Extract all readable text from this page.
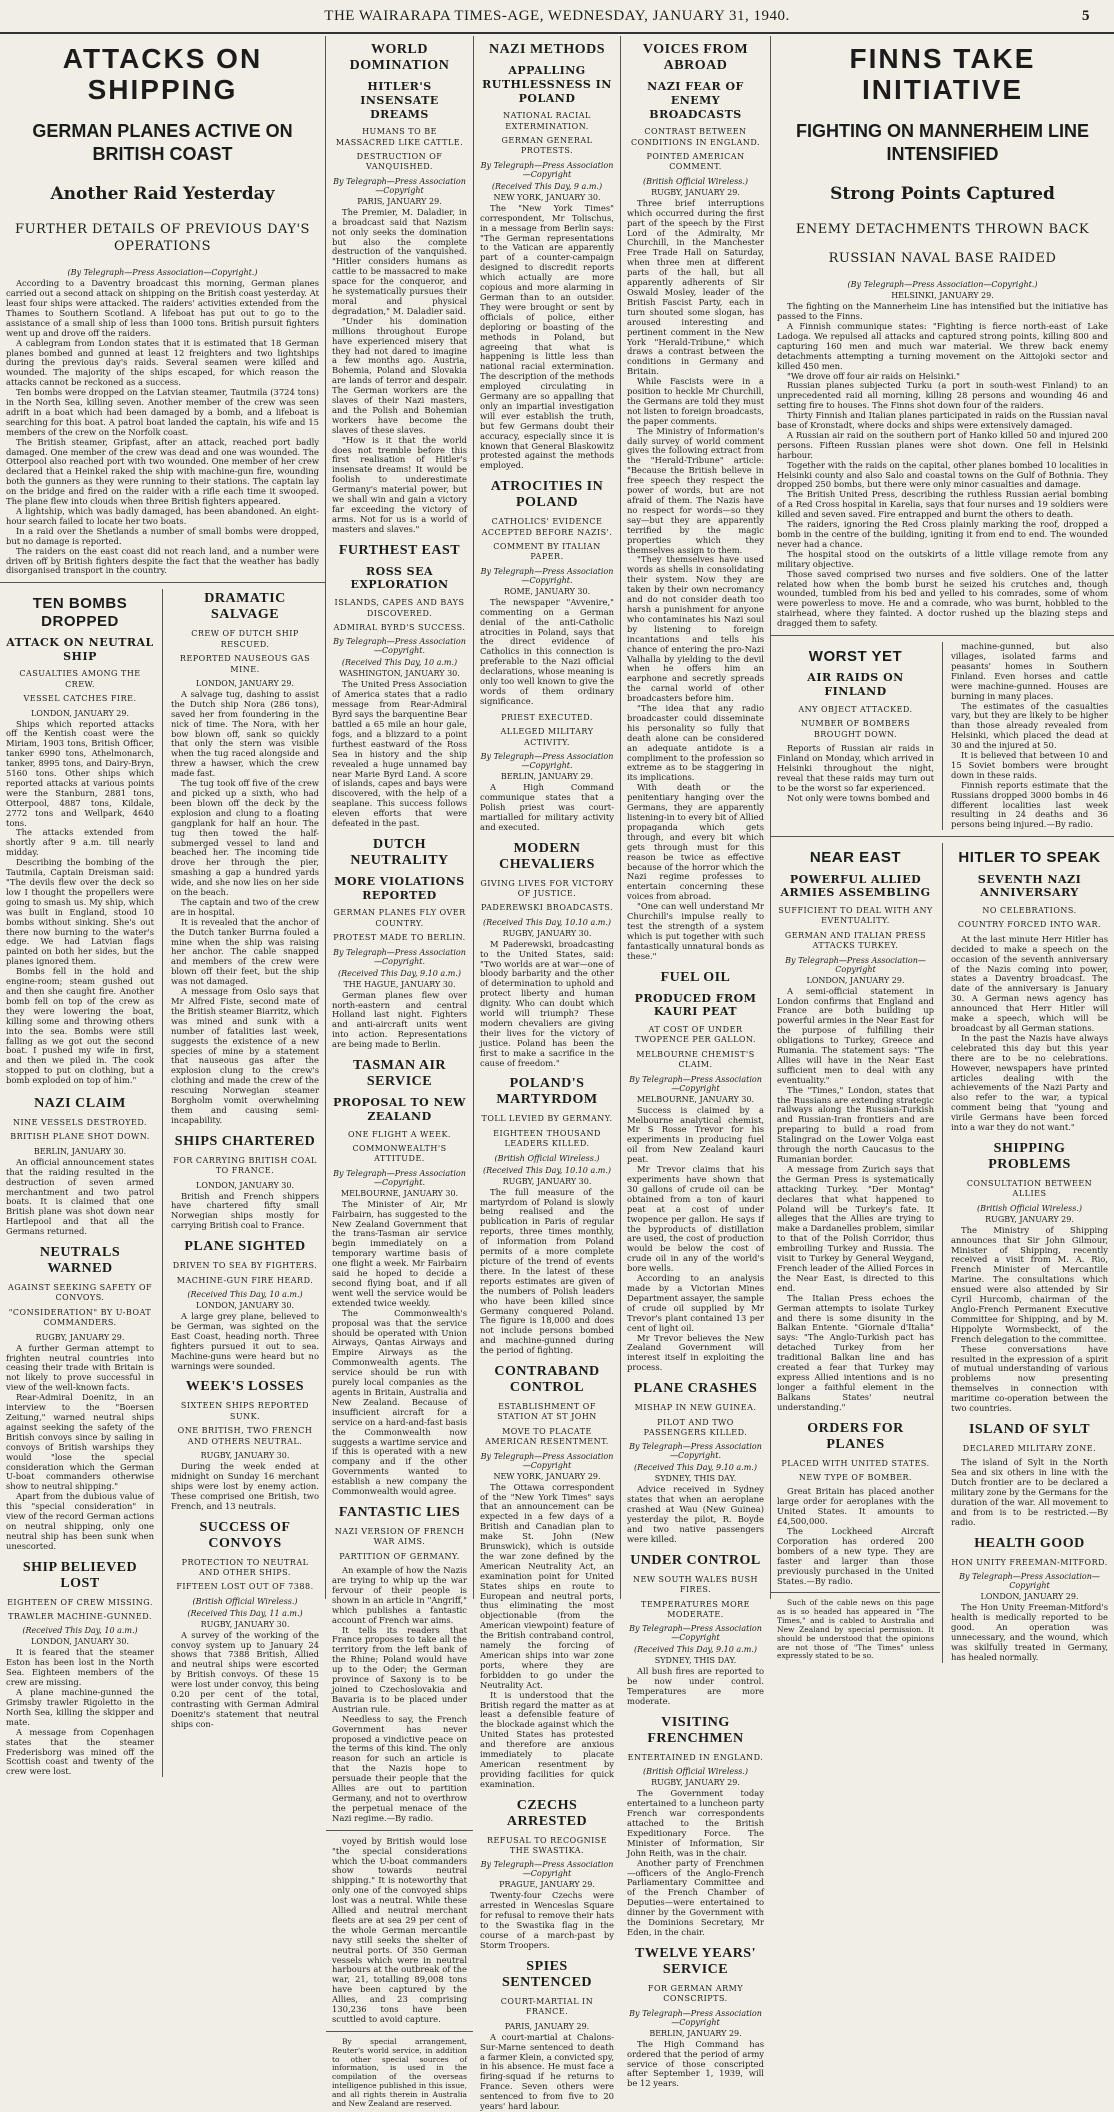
THE WAIRARAPA TIMES-AGE, WEDNESDAY, JANUARY 31, 1940.	5
ATTACKS ON SHIPPING
GERMAN PLANES ACTIVE ON BRITISH COAST
Another Raid Yesterday
FURTHER DETAILS OF PREVIOUS DAY'S OPERATIONS
(By Telegraph—Press Association—Copyright.)

According to a Daventry broadcast this morning, German planes carried out a second attack on shipping on the British coast yesterday. At least four ships were attacked. The raiders' activities extended from the Thames to Southern Scotland. A lifeboat has put out to go to the assistance of a small ship of less than 1000 tons. British pursuit fighters went up and drove off the raiders.

A cablegram from London states that it is estimated that 18 German planes bombed and gunned at least 12 freighters and two lightships during the previous day's raids. Several seamen were killed and wounded. The majority of the ships escaped, for which reason the attacks cannot be reckoned as a success.

Ten bombs were dropped on the Latvian steamer, Tautmila (3724 tons) in the North Sea, killing seven. Another member of the crew was seen adrift in a boat which had been damaged by a bomb, and a lifeboat is searching for this boat. A patrol boat landed the captain, his wife and 15 members of the crew on the Norfolk coast.

The British steamer, Gripfast, after an attack, reached port badly damaged. One member of the crew was dead and one was wounded. The Otterpool also reached port with two wounded. One member of her crew declared that a Heinkel raked the ship with machine-gun fire, wounding both the gunners as they were running to their stations. The captain lay on the bridge and fired on the raider with a rifle each time it swooped. The plane flew into clouds when three British fighters appeared.

A lightship, which was badly damaged, has been abandoned. An eight-hour search failed to locate her two boats.

In a raid over the Shetlands a number of small bombs were dropped, but no damage is reported.

The raiders on the east coast did not reach land, and a number were driven off by British fighters despite the fact that the weather has badly disorganised transport in the country.

TEN BOMBS DROPPED
ATTACK ON NEUTRAL SHIP
CASUALTIES AMONG THE CREW.
VESSEL CATCHES FIRE.
LONDON, JANUARY 29.

Ships which reported attacks off the Kentish coast were the Miriam, 1903 tons, British Officer, tanker 6990 tons, Athelmonarch, tanker, 8995 tons, and Dairy-Bryn, 5160 tons. Other ships which reported attacks at various points were the Stanburn, 2881 tons, Otterpool, 4887 tons, Kildale, 2772 tons and Wellpark, 4640 tons.

The attacks extended from shortly after 9 a.m. till nearly midday.

Describing the bombing of the Tautmila, Captain Dreisman said: "The devils flew over the deck so low I thought the propellers were going to smash us. My ship, which was built in England, stood 10 bombs without sinking. She's out there now burning to the water's edge. We had Latvian flags painted on both her sides, but the planes ignored them.

Bombs fell in the hold and engine-room; steam gushed out and then she caught fire. Another bomb fell on top of the crew as they were lowering the boat, killing some and throwing others into the sea. Bombs were still falling as we got out the second boat. I pushed my wife in first, and then we piled in. The cook stopped to put on clothing, but a bomb exploded on top of him."

NAZI CLAIM
NINE VESSELS DESTROYED.
BRITISH PLANE SHOT DOWN.
BERLIN, JANUARY 30.

An official announcement states that the raiding resulted in the destruction of seven armed merchantment and two patrol boats. It is claimed that one British plane was shot down near Hartlepool and that all the Germans returned.

NEUTRALS WARNED
AGAINST SEEKING SAFETY OF CONVOYS.
"CONSIDERATION" BY U-BOAT COMMANDERS.
RUGBY, JANUARY 29.

A further German attempt to frighten neutral countries into ceasing their trade with Britain is not likely to prove successful in view of the well-known facts.

Rear-Admiral Doenitz, in an interview to the "Boersen Zeitung," warned neutral ships against seeking the safety of the British convoys since by sailing in convoys of British warships they would "lose the special consideration which the German U-boat commanders otherwise show to neutral shipping."

Apart from the dubious value of this "special consideration" in view of the record German actions on neutral shipping, only one neutral ship has been sunk when unescorted.

SHIP BELIEVED LOST
EIGHTEEN OF CREW MISSING.
TRAWLER MACHINE-GUNNED.
(Received This Day, 10 a.m.)
LONDON, JANUARY 30.

It is feared that the steamer Eston has been lost in the North Sea. Eighteen members of the crew are missing.

A plane machine-gunned the Grimsby trawler Rigoletto in the North Sea, killing the skipper and mate.

A message from Copenhagen states that the steamer Frederisborg was mined off the Scottish coast and twenty of the crew were lost.

DRAMATIC SALVAGE
CREW OF DUTCH SHIP RESCUED.
REPORTED NAUSEOUS GAS MINE.
LONDON, JANUARY 29.

A salvage tug, dashing to assist the Dutch ship Nora (286 tons), saved her from foundering in the nick of time. The Nora, with her bow blown off, sank so quickly that only the stern was visible when the tug raced alongside and threw a hawser, which the crew made fast.

The tug took off five of the crew and picked up a sixth, who had been blown off the deck by the explosion and clung to a floating gangplank for half an hour. The tug then towed the half-submerged vessel to land and beached her. The incoming tide drove her through the pier, smashing a gap a hundred yards wide, and she now lies on her side on the beach.

The captain and two of the crew are in hospital.

It is revealed that the anchor of the Dutch tanker Burrna fouled a mine when the ship was raising her anchor. The cable snapped and members of the crew were blown off their feet, but the ship was not damaged.

A message from Oslo says that Mr Alfred Fiste, second mate of the British steamer Biarritz, which was mined and sunk with a number of fatalities last week, suggests the existence of a new species of mine by a statement that nauseous gas after the explosion clung to the crew's clothing and made the crew of the rescuing Norwegian steamer Borgholm vomit overwhelming them and causing semi-incapability.

SHIPS CHARTERED
FOR CARRYING BRITISH COAL TO FRANCE.
LONDON, JANUARY 30.

British and French shippers have chartered fifty small Norwegian ships mostly for carrying British coal to France.

PLANE SIGHTED
DRIVEN TO SEA BY FIGHTERS.
MACHINE-GUN FIRE HEARD.
(Received This Day, 10 a.m.)
LONDON, JANUARY 30.

A large grey plane, believed to be German, was sighted on the East Coast, heading north. Three fighters pursued it out to sea. Machine-guns were heard but no warnings were sounded.

WEEK'S LOSSES
SIXTEEN SHIPS REPORTED SUNK.
ONE BRITISH, TWO FRENCH AND OTHERS NEUTRAL.
RUGBY, JANUARY 30.

During the week ended at midnight on Sunday 16 merchant ships were lost by enemy action. These comprised one British, two French, and 13 neutrals.

SUCCESS OF CONVOYS
PROTECTION TO NEUTRAL AND OTHER SHIPS.
FIFTEEN LOST OUT OF 7388.
(British Official Wireless.)
(Received This Day, 11 a.m.)
RUGBY, JANUARY 30.

A survey of the working of the convoy system up to January 24 shows that 7388 British, Allied and neutral ships were escorted by British convoys. Of these 15 were lost under convoy, this being 0.20 per cent of the total, contrasting with German Admiral Doenitz's statement that neutral ships con-

WORLD DOMINATION
HITLER'S INSENSATE DREAMS
HUMANS TO BE MASSACRED LIKE CATTLE.
DESTRUCTION OF VANQUISHED.
By Telegraph—Press Association—Copyright
PARIS, JANUARY 29.

The Premier, M. Daladier, in a broadcast said that Nazism not only seeks the domination but also the complete destruction of the vanquished. "Hitler considers humans as cattle to be massacred to make space for the conqueror, and he systematically pursues their moral and physical degradation," M. Daladier said.

"Under his domination millions throughout Europe have experienced misery that they had not dared to imagine a few months ago. Austria, Bohemia, Poland and Slovakia are lands of terror and despair. The German workers are the slaves of their Nazi masters, and the Polish and Bohemian workers have become the slaves of these slaves.

"How is it that the world does not tremble before this first realisation of Hitler's insensate dreams! It would be foolish to underestimate Germany's material power, but we shall win and gain a victory far exceeding the victory of arms. Not for us is a world of masters and slaves."

FURTHEST EAST
ROSS SEA EXPLORATION
ISLANDS, CAPES AND BAYS DISCOVERED.
ADMIRAL BYRD'S SUCCESS.
By Telegraph—Press Association—Copyright.
(Received This Day, 10 a.m.)
WASHINGTON, JANUARY 30.

The United Press Association of America states that a radio message from Rear-Admiral Byrd says the barquentine Bear battled a 65 mile an hour gale, fogs, and a blizzard to a point furthest eastward of the Ross Sea in history and the ship revealed a huge unnamed bay near Marie Byrd Land. A score of islands, capes and bays were discovered, with the help of a seaplane. This success follows eleven efforts that were defeated in the past.

DUTCH NEUTRALITY
MORE VIOLATIONS REPORTED
GERMAN PLANES FLY OVER COUNTRY.
PROTEST MADE TO BERLIN.
By Telegraph—Press Association—Copyright.
(Received This Day, 9.10 a.m.)
THE HAGUE, JANUARY 30.

German planes flew over north-eastern and central Holland last night. Fighters and anti-aircraft units went into action. Representations are being made to Berlin.

TASMAN AIR SERVICE
PROPOSAL TO NEW ZEALAND
ONE FLIGHT A WEEK.
COMMONWEALTH'S ATTITUDE.
By Telegraph—Press Association—Copyright.
MELBOURNE, JANUARY 30.

The Minister of Air, Mr Fairbairn, has suggested to the New Zealand Government that the trans-Tasman air service begin immediately on a temporary wartime basis of one flight a week. Mr Fairbairn said he hoped to decide a second flying boat, and if all went well the service would be extended twice weekly.

The Commonwealth's proposal was that the service should be operated with Union Airways, Qantas Airways and Empire Airways as the Commonwealth agents. The service should be run with purely local companies as the agents in Britain, Australia and New Zealand. Because of insufficient aircraft for a service on a hard-and-fast basis the Commonwealth now suggests a wartime service and if this is operated with a new company and if the other Governments wanted to establish a new company the Commonwealth would agree.

FANTASTIC LIES
NAZI VERSION OF FRENCH WAR AIMS.
PARTITION OF GERMANY.

An example of how the Nazis are trying to whip up the war fervour of their people is shown in an article in "Angriff," which publishes a fantastic account of French war aims.

It tells its readers that France proposes to take all the territory from the left bank of the Rhine; Poland would have up to the Oder; the German province of Saxony is to be joined to Czechoslovakia and Bavaria is to be placed under Austrian rule.

Needless to say, the French Government has never proposed a vindictive peace on the terms of this kind. The only reason for such an article is that the Nazis hope to persuade their people that the Allies are out to partition Germany, and not to overthrow the perpetual menace of the Nazi regime.—By radio.

voyed by British would lose "the special considerations which the U-boat commanders show towards neutral shipping." It is noteworthy that only one of the convoyed ships lost was a neutral. While these Allied and neutral merchant fleets are at sea 29 per cent of the whole German mercantile navy still seeks the shelter of neutral ports. Of 350 German vessels which were in neutral harbours at the outbreak of the war, 21, totalling 89,008 tons have been captured by the Allies, and 23 comprising 130,236 tons have been scuttled to avoid capture.

By special arrangement, Reuter's world service, in addition to other special sources of information, is used in the compilation of the overseas intelligence published in this issue, and all rights therein in Australia and New Zealand are reserved.

NAZI METHODS
APPALLING RUTHLESSNESS IN POLAND
NATIONAL RACIAL EXTERMINATION.
GERMAN GENERAL PROTESTS.
By Telegraph—Press Association—Copyright
(Received This Day, 9 a.m.)
NEW YORK, JANUARY 30.

The "New York Times" correspondent, Mr Tolischus, in a message from Berlin says: "The German representations to the Vatican are apparently part of a counter-campaign designed to discredit reports which actually are more copious and more alarming in German than to an outsider. They were brought or sent by officials of police, either deploring or boasting of the methods in Poland, but agreeing that what is happening is little less than national racial extermination. The description of the methods employed circulating in Germany are so appalling that only an impartial investigation will ever establish the truth, but few Germans doubt their accuracy, especially since it is known that General Blaskowitz protested against the methods employed.

ATROCITIES IN POLAND
CATHOLICS' EVIDENCE ACCEPTED BEFORE NAZIS'.
COMMENT BY ITALIAN PAPER.
By Telegraph—Press Association—Copyright.
ROME, JANUARY 30.

The newspaper "Avvenire," commenting on a German denial of the anti-Catholic atrocities in Poland, says that the direct evidence of Catholics in this connection is preferable to the Nazi official declarations, whose meaning is only too well known to give the words of them ordinary significance.

PRIEST EXECUTED.
ALLEGED MILITARY ACTIVITY.
By Telegraph—Press Association—Copyright.
BERLIN, JANUARY 29.

A High Command communique states that a Polish priest was court-martialled for military activity and executed.

MODERN CHEVALIERS
GIVING LIVES FOR VICTORY OF JUSTICE.
PADEREWSKI BROADCASTS.
(Received This Day, 10.10 a.m.)
RUGBY, JANUARY 30.

M Paderewski, broadcasting to the United States, said: "Two worlds are at war—one of bloody barbarity and the other of determination to uphold and protect liberty and human dignity. Who can doubt which world will triumph? These modern chevaliers are giving their lives for the victory of justice. Poland has been the first to make a sacrifice in the cause of freedom."

POLAND'S MARTYRDOM
TOLL LEVIED BY GERMANY.
EIGHTEEN THOUSAND LEADERS KILLED.
(British Official Wireless.)
(Received This Day, 10.10 a.m.)
RUGBY, JANUARY 30.

The full measure of the martyrdom of Poland is slowly being realised and the publication in Paris of regular reports, three times monthly, of information from Poland permits of a more complete picture of the trend of events there. In the latest of these reports estimates are given of the numbers of Polish leaders who have been killed since Germany conquered Poland. The figure is 18,000 and does not include persons bombed and machine-gunned during the period of fighting.

CONTRABAND CONTROL
ESTABLISHMENT OF STATION AT ST JOHN
MOVE TO PLACATE AMERICAN RESENTMENT.
By Telegraph—Press Association—Copyright
NEW YORK, JANUARY 29.

The Ottawa correspondent of the "New York Times" says that an announcement can be expected in a few days of a British and Canadian plan to make St. John (New Brunswick), which is outside the war zone defined by the American Neutrality Act, an examination point for United States ships en route to European and neutral ports, thus eliminating the most objectionable (from the American viewpoint) feature of the British contraband control, namely the forcing of American ships into war zone ports, where they are forbidden to go under the Neutrality Act.

It is understood that the British regard the matter as at least a defensible feature of the blockade against which the United States has protested and therefore are anxious immediately to placate American resentment by providing facilities for quick examination.

CZECHS ARRESTED
REFUSAL TO RECOGNISE THE SWASTIKA.
By Telegraph—Press Association—Copyright
PRAGUE, JANUARY 29.

Twenty-four Czechs were arrested in Wenceslas Square for refusal to remove their hats to the Swastika flag in the course of a march-past by Storm Troopers.

SPIES SENTENCED
COURT-MARTIAL IN FRANCE.
PARIS, JANUARY 29.

A court-martial at Chalons-Sur-Marne sentenced to death a farmer Klein, a convicted spy, in his absence. He must face a firing-squad if he returns to France. Seven others were sentenced to from five to 20 years' hard labour.

VOICES FROM ABROAD
NAZI FEAR OF ENEMY BROADCASTS
CONTRAST BETWEEN CONDITIONS IN ENGLAND.
POINTED AMERICAN COMMENT.
(British Official Wireless.)
RUGBY, JANUARY 29.

Three brief interruptions which occurred during the first part of the speech by the First Lord of the Admiralty, Mr Churchill, in the Manchester Free Trade Hall on Saturday, when three men at different parts of the hall, but all apparently adherents of Sir Oswald Mosley, leader of the British Fascist Party, each in turn shouted some slogan, has aroused interesting and pertinent comment in the New York "Herald-Tribune," which draws a contrast between the conditions in Germany and Britain.

While Fascists were in a position to heckle Mr Churchill, the Germans are told they must not listen to foreign broadcasts, the paper comments.

The Ministry of Information's daily survey of world comment gives the following extract from the "Herald-Tribune" article: "Because the British believe in free speech they respect the power of words, but are not afraid of them. The Nazis have no respect for words—so they say—but they are apparently terrified by the magic properties which they themselves assign to them.

"They themselves have used words as shells in consolidating their system. Now they are taken by their own necromancy and do not consider death too harsh a punishment for anyone who contaminates his Nazi soul by listening to foreign incantations and tells his chance of entering the pro-Nazi Valhalla by yielding to the devil when he offers him an earphone and secretly spreads the carnal world of other broadcasters before him.

"The idea that any radio broadcaster could disseminate his personality so fully that death alone can be considered an adequate antidote is a compliment to the profession so extreme as to be staggering in its implications.

With death or the penitentiary hanging over the Germans, they are apparently listening-in to every bit of Allied propaganda which gets through, and every bit which gets through must for this reason be twice as effective because of the horror which the Nazi regime professes to entertain concerning these voices from abroad.

"One can well understand Mr Churchill's impulse really to test the strength of a system which is put together with such fantastically unnatural bonds as these."

FUEL OIL
PRODUCED FROM KAURI PEAT
AT COST OF UNDER TWOPENCE PER GALLON.
MELBOURNE CHEMIST'S CLAIM.
By Telegraph—Press Association—Copyright
MELBOURNE, JANUARY 30.

Success is claimed by a Melbourne analytical chemist, Mr S Rosse Trevor for his experiments in producing fuel oil from New Zealand kauri peat.

Mr Trevor claims that his experiments have shown that 30 gallons of crude oil can be obtained from a ton of kauri peat at a cost of under twopence per gallon. He says if the byproducts of distillation are used, the cost of production would be below the cost of crude oil in any of the world's bore wells.

According to an analysis made by a Victorian Mines Department assayer, the sample of crude oil supplied by Mr Trevor's plant contained 13 per cent of light oil.

Mr Trevor believes the New Zealand Government will interest itself in exploiting the process.

PLANE CRASHES
MISHAP IN NEW GUINEA.
PILOT AND TWO PASSENGERS KILLED.
By Telegraph—Press Association—Copyright.
(Received This Day, 9.10 a.m.)
SYDNEY, THIS DAY.

Advice received in Sydney states that when an aeroplane crashed at Wau (New Guinea) yesterday the pilot, R. Boyde and two native passengers were killed.

UNDER CONTROL
NEW SOUTH WALES BUSH FIRES.
TEMPERATURES MORE MODERATE.
By Telegraph—Press Association—Copyright
(Received This Day, 9.10 a.m.)
SYDNEY, THIS DAY.

All bush fires are reported to be now under control. Temperatures are more moderate.

VISITING FRENCHMEN
ENTERTAINED IN ENGLAND.
(British Official Wireless.)
RUGBY, JANUARY 29.

The Government today entertained to a luncheon party French war correspondents attached to the British Expeditionary Force. The Minister of Information, Sir John Reith, was in the chair.

Another party of Frenchmen—officers of the Anglo-French Parliamentary Committee and of the French Chamber of Deputies—were entertained to dinner by the Government with the Dominions Secretary, Mr Eden, in the chair.

TWELVE YEARS' SERVICE
FOR GERMAN ARMY CONSCRIPTS.
By Telegraph—Press Association—Copyright
BERLIN, JANUARY 29.

The High Command has ordered that the period of army service of those conscripted after September 1, 1939, will be 12 years.

FINNS TAKE INITIATIVE
FIGHTING ON MANNERHEIM LINE INTENSIFIED
Strong Points Captured
ENEMY DETACHMENTS THROWN BACK
RUSSIAN NAVAL BASE RAIDED
(By Telegraph—Press Association—Copyright.)
HELSINKI, JANUARY 29.

The fighting on the Mannerheim Line has intensified but the initiative has passed to the Finns.

A Finnish communique states: "Fighting is fierce north-east of Lake Ladoga. We repulsed all attacks and captured strong points, killing 800 and capturing 160 men and much war material. We threw back enemy detachments attempting a turning movement on the Aittojoki sector and killed 450 men.

"We drove off four air raids on Helsinki."

Russian planes subjected Turku (a port in south-west Finland) to an unprecedented raid all morning, killing 28 persons and wounding 46 and setting fire to houses. The Finns shot down four of the raiders.

Thirty Finnish and Italian planes participated in raids on the Russian naval base of Kronstadt, where docks and ships were extensively damaged.

A Russian air raid on the southern port of Hanko killed 50 and injured 200 persons. Fifteen Russian planes were shot down. One fell in Helsinki harbour.

Together with the raids on the capital, other planes bombed 10 localities in Helsinki county and also Salo and coastal towns on the Gulf of Bothnia. They dropped 250 bombs, but there were only minor casualties and damage.

The British United Press, describing the ruthless Russian aerial bombing of a Red Cross hospital in Karelia, says that four nurses and 19 soldiers were killed and seven saved. Fire entrapped and burnt the others to death.

The raiders, ignoring the Red Cross plainly marking the roof, dropped a bomb in the centre of the building, igniting it from end to end. The wounded never had a chance.

The hospital stood on the outskirts of a little village remote from any military objective.

Those saved comprised two nurses and five soldiers. One of the latter related how when the bomb burst he seized his crutches and, though wounded, tumbled from his bed and yelled to his comrades, some of whom were powerless to move. He and a comrade, who was burnt, hobbled to the stairhead, where they fainted. A doctor rushed up the blazing steps and dragged them to safety.

WORST YET
AIR RAIDS ON FINLAND
ANY OBJECT ATTACKED.
NUMBER OF BOMBERS BROUGHT DOWN.

Reports of Russian air raids in Finland on Monday, which arrived in Helsinki throughout the night, reveal that these raids may turn out to be the worst so far experienced.

Not only were towns bombed and

machine-gunned, but also villages, isolated farms and peasants' homes in Southern Finland. Even horses and cattle were machine-gunned. Houses are burning in many places.

The estimates of the casualties vary, but they are likely to be higher than those already revealed from Helsinki, which placed the dead at 30 and the injured at 50.

It is believed that between 10 and 15 Soviet bombers were brought down in these raids.

Finnish reports estimate that the Russians dropped 3000 bombs in 46 different localities last week resulting in 24 deaths and 36 persons being injured.—By radio.

NEAR EAST
POWERFUL ALLIED ARMIES ASSEMBLING
SUFFICIENT TO DEAL WITH ANY EVENTUALITY.
GERMAN AND ITALIAN PRESS ATTACKS TURKEY.
By Telegraph—Press Association—Copyright
LONDON, JANUARY 29.

A semi-official statement in London confirms that England and France are both building up powerful armies in the Near East for the purpose of fulfilling their obligations to Turkey, Greece and Rumania. The statement says: "The Allies will have in the Near East sufficient men to deal with any eventuality."

The "Times," London, states that the Russians are extending strategic railways along the Russian-Turkish and Russian-Iran frontiers and are preparing to build a road from Stalingrad on the Lower Volga east through the north Caucasus to the Rumanian border.

A message from Zurich says that the German Press is systematically attacking Turkey. "Der Montag" declares that what happened to Poland will be Turkey's fate. It alleges that the Allies are trying to make a Dardanelles problem, similar to that of the Polish Corridor, thus embroiling Turkey and Russia. The visit to Turkey by General Weygand, French leader of the Allied Forces in the Near East, is directed to this end.

The Italian Press echoes the German attempts to isolate Turkey and there is some disunity in the Balkan Entente. "Giornale d'Italia" says: "The Anglo-Turkish pact has detached Turkey from her traditional Balkan line and has created a fear that Turkey may express Allied intentions and is no longer a faithful element in the Balkans States' neutral understanding."

ORDERS FOR PLANES
PLACED WITH UNITED STATES.
NEW TYPE OF BOMBER.

Great Britain has placed another large order for aeroplanes with the United States. It amounts to £4,500,000.

The Lockheed Aircraft Corporation has ordered 200 bombers of a new type. They are faster and larger than those previously purchased in the United States.—By radio.

Such of the cable news on this page as is so headed has appeared in "The Times," and is cabled to Australia and New Zealand by special permission. It should be understood that the opinions are not those of "The Times" unless expressly stated to be so.

HITLER TO SPEAK
SEVENTH NAZI ANNIVERSARY
NO CELEBRATIONS.
COUNTRY FORCED INTO WAR.

At the last minute Herr Hitler has decided to make a speech on the occasion of the seventh anniversary of the Nazis coming into power, states a Daventry broadcast. The date of the anniversary is January 30. A German news agency has announced that Herr Hitler will make a speech, which will be broadcast by all German stations.

In the past the Nazis have always celebrated this day but this year there are to be no celebrations. However, newspapers have printed articles dealing with the achievements of the Nazi Party and also refer to the war, a typical comment being that "young and virile Germans have been forced into a war they do not want."

SHIPPING PROBLEMS
CONSULTATION BETWEEN ALLIES
(British Official Wireless.)
RUGBY, JANUARY 29.

The Ministry of Shipping announces that Sir John Gilmour, Minister of Shipping, recently received a visit from M. A. Rio, French Minister of Mercantile Marine. The consultations which ensued were also attended by Sir Cyril Hurcomb, chairman of the Anglo-French Permanent Executive Committee for Shipping, and by M. Hippolyte Wormsbeckt, of the French delegation to the committee.

These conversations have resulted in the expression of a spirit of mutual understanding of various problems now presenting themselves in connection with maritime co-operation between the two countries.

ISLAND OF SYLT
DECLARED MILITARY ZONE.

The island of Sylt in the North Sea and six others in line with the Dutch frontier are to be declared a military zone by the Germans for the duration of the war. All movement to and from is to be restricted.—By radio.

HEALTH GOOD
HON UNITY FREEMAN-MITFORD.
By Telegraph—Press Association—Copyright
LONDON, JANUARY 29.

The Hon Unity Freeman-Mitford's health is medically reported to be good. An operation was unnecessary, and the wound, which was skilfully treated in Germany, has healed normally.
